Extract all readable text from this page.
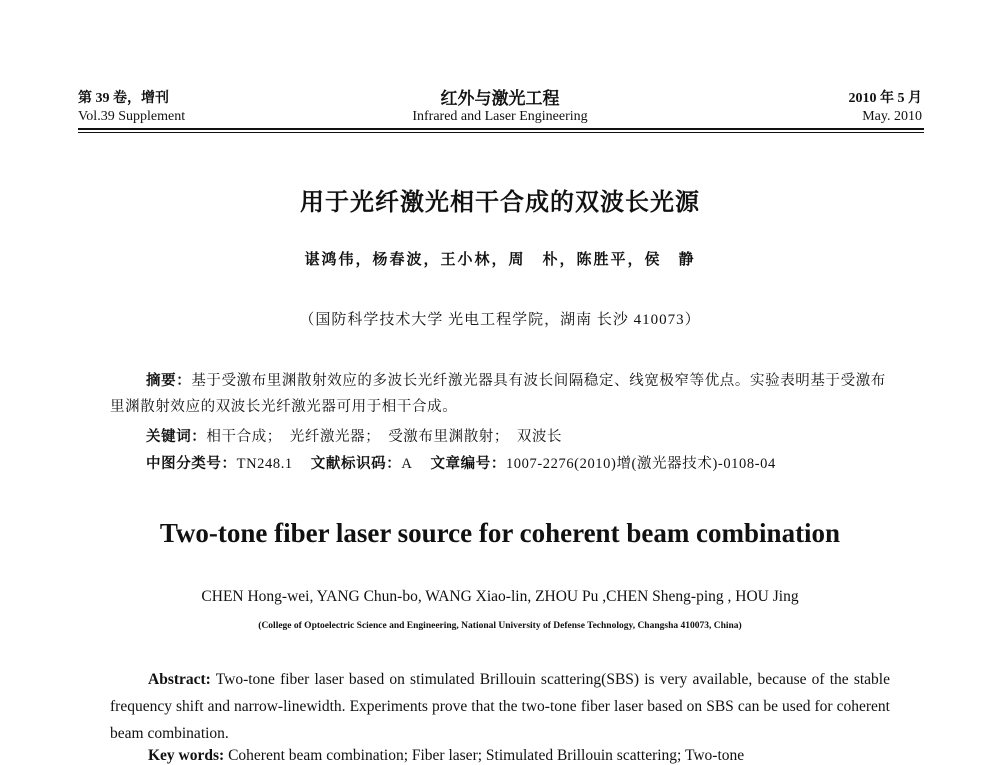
第 39 卷，增刊
Vol.39 Supplement
红外与激光工程
Infrared and Laser Engineering
2010 年 5 月
May. 2010
用于光纤激光相干合成的双波长光源
谌鸿伟，杨春波，王小林，周　朴，陈胜平，侯　静
（国防科学技术大学 光电工程学院，湖南 长沙 410073）
摘要：基于受激布里渊散射效应的多波长光纤激光器具有波长间隔稳定、线宽极窄等优点。实验表明基于受激布里渊散射效应的双波长光纤激光器可用于相干合成。
关键词：相干合成；　光纤激光器；　受激布里渊散射；　双波长
中图分类号：TN248.1 文献标识码：A 文章编号：1007-2276(2010)增(激光器技术)-0108-04
Two-tone fiber laser source for coherent beam combination
CHEN Hong-wei, YANG Chun-bo, WANG Xiao-lin, ZHOU Pu ,CHEN Sheng-ping , HOU Jing
(College of Optoelectric Science and Engineering, National University of Defense Technology, Changsha 410073, China)
Abstract: Two-tone fiber laser based on stimulated Brillouin scattering(SBS) is very available, because of the stable frequency shift and narrow-linewidth. Experiments prove that the two-tone fiber laser based on SBS can be used for coherent beam combination.
Key words: Coherent beam combination; Fiber laser; Stimulated Brillouin scattering; Two-tone
